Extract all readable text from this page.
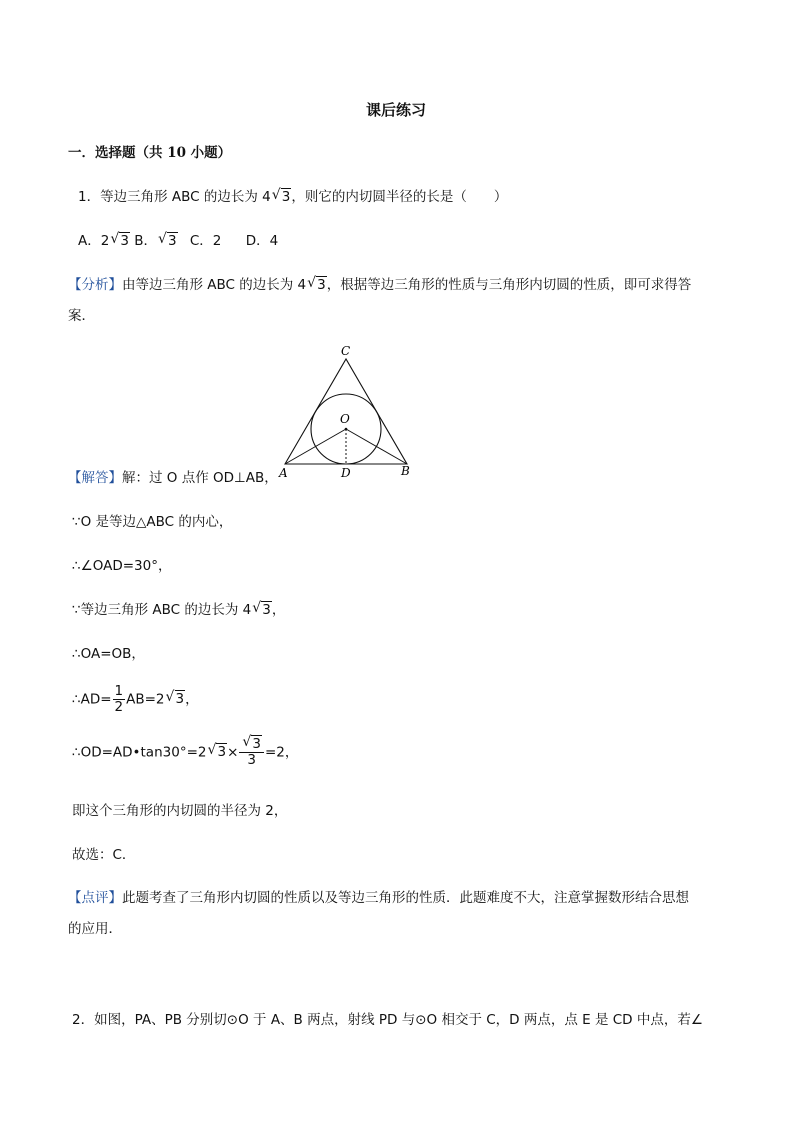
课后练习
一．选择题（共 10 小题）
1．等边三角形 ABC 的边长为 4 √ 3，则它的内切圆半径的长是（　　）
A．2 √ 3 B． √ 3 C．2 D．4
【分析】由等边三角形 ABC 的边长为 4 √ 3，根据等边三角形的性质与三角形内切圆的性质，即可求得答
案．
C
O
A	D	B
【解答】解：过 O 点作 OD⊥AB，
∵O 是等边△ABC 的内心，
∴∠OAD=30°，
∵等边三角形 ABC 的边长为 4 √ 3，
∴OA=OB，
∴AD= $\frac{1}{2} AB=2$ √ 3，
∴OD=AD•tan30°=2 √ $3\times \frac{√ 3}{3} =2$，
即这个三角形的内切圆的半径为 2，
故选：C．
【点评】此题考查了三角形内切圆的性质以及等边三角形的性质．此题难度不大，注意掌握数形结合思想
的应用．
2．如图，PA、PB 分别切⊙O 于 A、B 两点，射线 PD 与⊙O 相交于 C，D 两点，点 E 是 CD 中点，若∠
